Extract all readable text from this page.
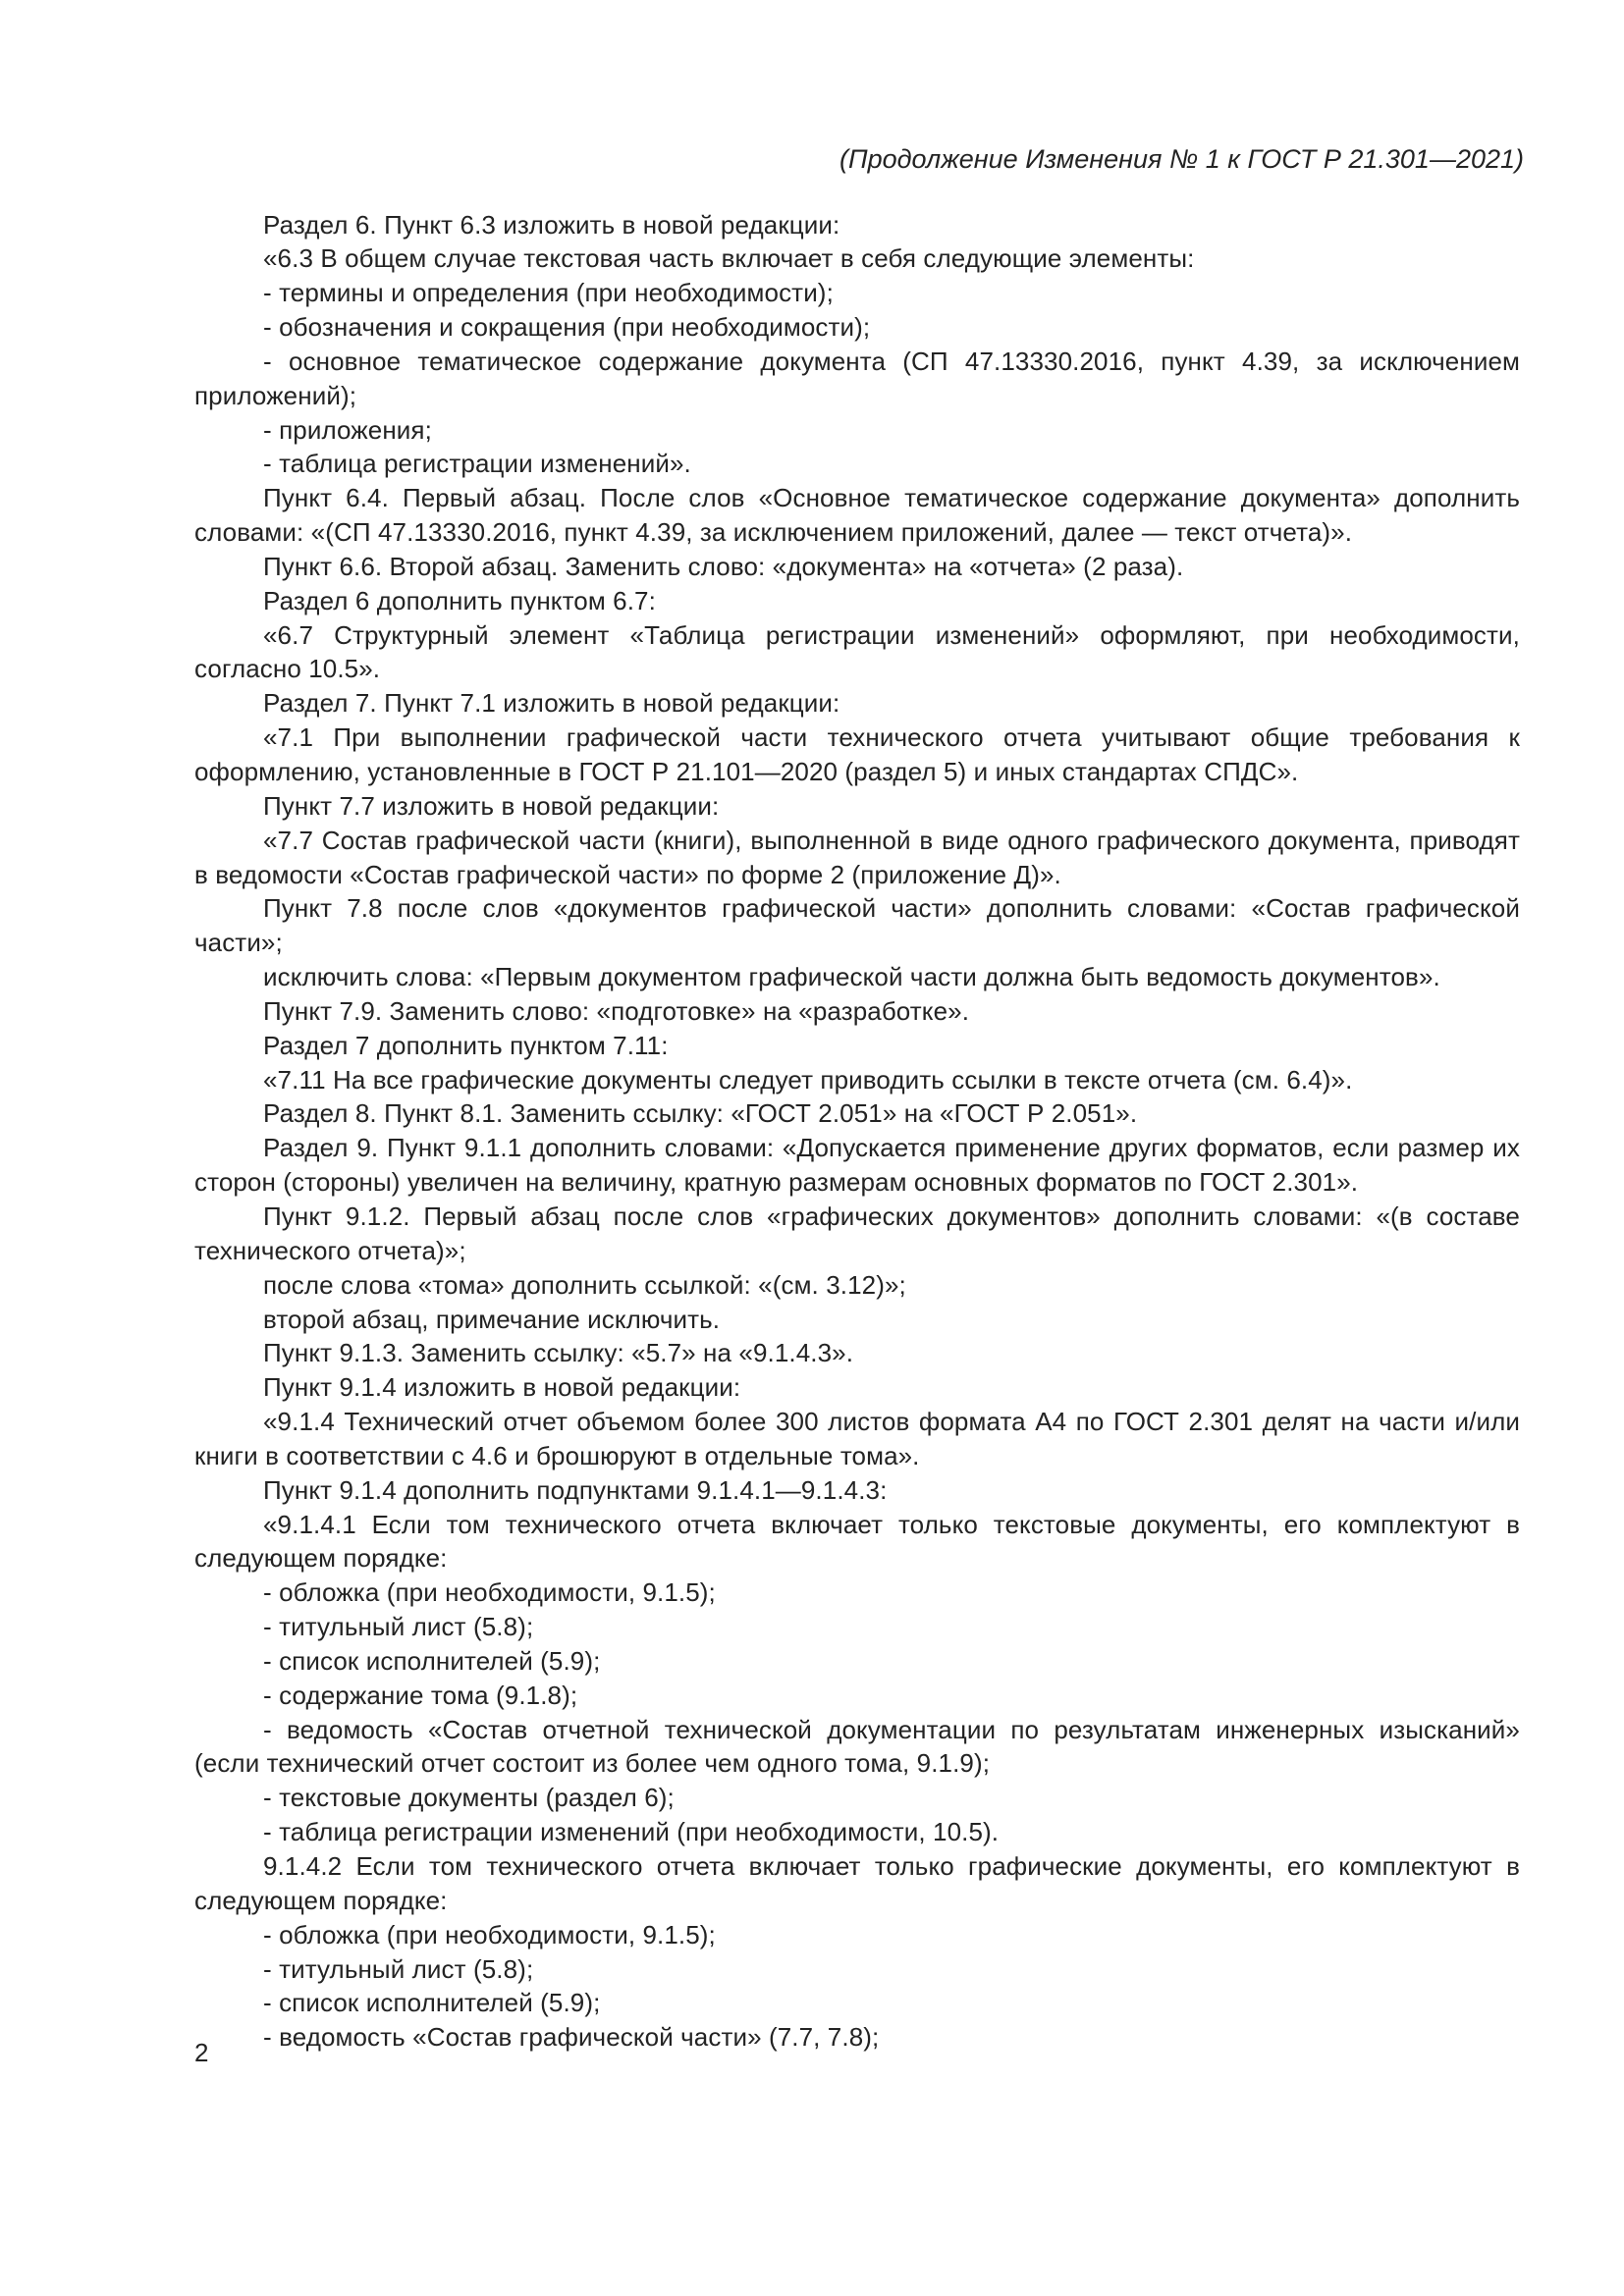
(Продолжение Изменения № 1 к ГОСТ Р 21.301—2021)

Раздел 6. Пункт 6.3 изложить в новой редакции:

«6.3 В общем случае текстовая часть включает в себя следующие элементы:

- термины и определения (при необходимости);

- обозначения и сокращения (при необходимости);

- основное тематическое содержание документа (СП 47.13330.2016, пункт 4.39, за исключением приложений);

- приложения;

- таблица регистрации изменений».

Пункт 6.4. Первый абзац. После слов «Основное тематическое содержание документа» дополнить словами: «(СП 47.13330.2016, пункт 4.39, за исключением приложений, далее — текст отчета)».

Пункт 6.6. Второй абзац. Заменить слово: «документа» на «отчета» (2 раза).

Раздел 6 дополнить пунктом 6.7:

«6.7 Структурный элемент «Таблица регистрации изменений» оформляют, при необходимости, согласно 10.5».

Раздел 7. Пункт 7.1 изложить в новой редакции:

«7.1 При выполнении графической части технического отчета учитывают общие требования к оформлению, установленные в ГОСТ Р 21.101—2020 (раздел 5) и иных стандартах СПДС».

Пункт 7.7 изложить в новой редакции:

«7.7 Состав графической части (книги), выполненной в виде одного графического документа, приводят в ведомости «Состав графической части» по форме 2 (приложение Д)».

Пункт 7.8 после слов «документов графической части» дополнить словами: «Состав графической части»;

исключить слова: «Первым документом графической части должна быть ведомость документов».

Пункт 7.9. Заменить слово: «подготовке» на «разработке».

Раздел 7 дополнить пунктом 7.11:

«7.11 На все графические документы следует приводить ссылки в тексте отчета (см. 6.4)».

Раздел 8. Пункт 8.1. Заменить ссылку: «ГОСТ 2.051» на «ГОСТ Р 2.051».

Раздел 9. Пункт 9.1.1 дополнить словами: «Допускается применение других форматов, если размер их сторон (стороны) увеличен на величину, кратную размерам основных форматов по ГОСТ 2.301».

Пункт 9.1.2. Первый абзац после слов «графических документов» дополнить словами: «(в составе технического отчета)»;

после слова «тома» дополнить ссылкой: «(см. 3.12)»;

второй абзац, примечание исключить.

Пункт 9.1.3. Заменить ссылку: «5.7» на «9.1.4.3».

Пункт 9.1.4 изложить в новой редакции:

«9.1.4 Технический отчет объемом более 300 листов формата А4 по ГОСТ 2.301 делят на части и/или книги в соответствии с 4.6 и брошюруют в отдельные тома».

Пункт 9.1.4 дополнить подпунктами 9.1.4.1—9.1.4.3:

«9.1.4.1 Если том технического отчета включает только текстовые документы, его комплектуют в следующем порядке:

- обложка (при необходимости, 9.1.5);

- титульный лист (5.8);

- список исполнителей (5.9);

- содержание тома (9.1.8);

- ведомость «Состав отчетной технической документации по результатам инженерных изысканий» (если технический отчет состоит из более чем одного тома, 9.1.9);

- текстовые документы (раздел 6);

- таблица регистрации изменений (при необходимости, 10.5).

9.1.4.2 Если том технического отчета включает только графические документы, его комплектуют в следующем порядке:

- обложка (при необходимости, 9.1.5);

- титульный лист (5.8);

- список исполнителей (5.9);

- ведомость «Состав графической части» (7.7, 7.8);

2
